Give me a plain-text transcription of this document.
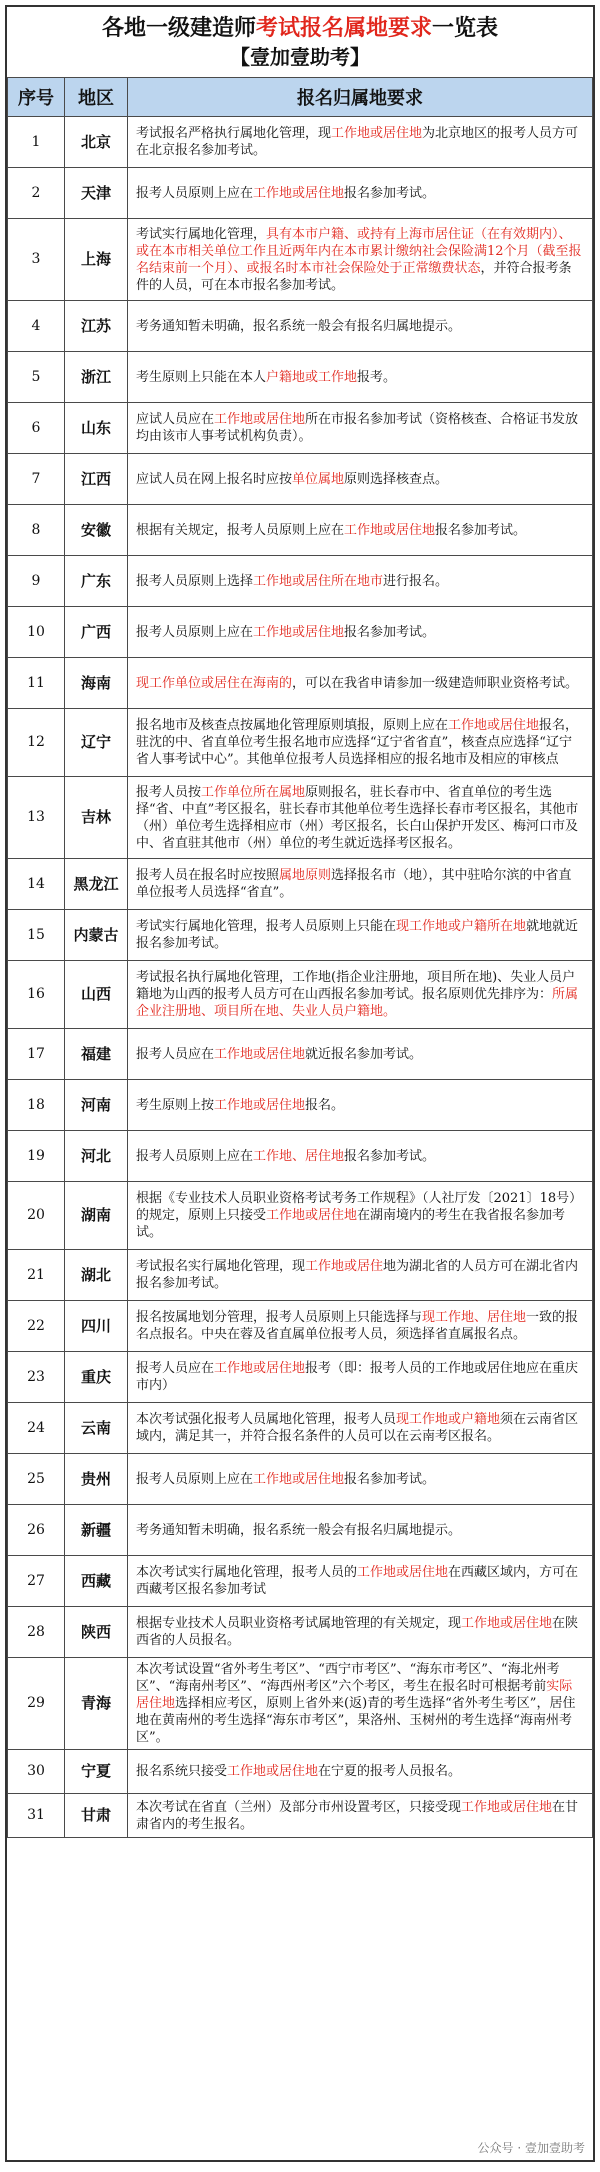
各地一级建造师考试报名属地要求一览表
【壹加壹助考】
序号	地区	报名归属地要求
1	北京	考试报名严格执行属地化管理，现工作地或居住地为北京地区的报考人员方可在北京报名参加考试。
2	天津	报考人员原则上应在工作地或居住地报名参加考试。
3	上海	考试实行属地化管理，具有本市户籍、或持有上海市居住证（在有效期内）、或在本市相关单位工作且近两年内在本市累计缴纳社会保险满12个月（截至报名结束前一个月）、或报名时本市社会保险处于正常缴费状态，并符合报考条件的人员，可在本市报名参加考试。
4	江苏	考务通知暂未明确，报名系统一般会有报名归属地提示。
5	浙江	考生原则上只能在本人户籍地或工作地报考。
6	山东	应试人员应在工作地或居住地所在市报名参加考试（资格核查、合格证书发放均由该市人事考试机构负责）。
7	江西	应试人员在网上报名时应按单位属地原则选择核查点。
8	安徽	根据有关规定，报考人员原则上应在工作地或居住地报名参加考试。
9	广东	报考人员原则上选择工作地或居住所在地市进行报名。
10	广西	报考人员原则上应在工作地或居住地报名参加考试。
11	海南	现工作单位或居住在海南的，可以在我省申请参加一级建造师职业资格考试。
12	辽宁	报名地市及核查点按属地化管理原则填报，原则上应在工作地或居住地报名，驻沈的中、省直单位考生报名地市应选择“辽宁省省直”，核查点应选择“辽宁省人事考试中心”。其他单位报考人员选择相应的报名地市及相应的审核点
13	吉林	报考人员按工作单位所在属地原则报名，驻长春市中、省直单位的考生选择“省、中直”考区报名，驻长春市其他单位考生选择长春市考区报名，其他市（州）单位考生选择相应市（州）考区报名，长白山保护开发区、梅河口市及中、省直驻其他市（州）单位的考生就近选择考区报名。
14	黑龙江	报考人员在报名时应按照属地原则选择报名市（地），其中驻哈尔滨的中省直单位报考人员选择“省直”。
15	内蒙古	考试实行属地化管理，报考人员原则上只能在现工作地或户籍所在地就地就近报名参加考试。
16	山西	考试报名执行属地化管理，工作地(指企业注册地，项目所在地)、失业人员户籍地为山西的报考人员方可在山西报名参加考试。报名原则优先排序为：所属企业注册地、项目所在地、失业人员户籍地。
17	福建	报考人员应在工作地或居住地就近报名参加考试。
18	河南	考生原则上按工作地或居住地报名。
19	河北	报考人员原则上应在工作地、居住地报名参加考试。
20	湖南	根据《专业技术人员职业资格考试考务工作规程》（人社厅发〔2021〕18号）的规定，原则上只接受工作地或居住地在湖南境内的考生在我省报名参加考试。
21	湖北	考试报名实行属地化管理，现工作地或居住地为湖北省的人员方可在湖北省内报名参加考试。
22	四川	报名按属地划分管理，报考人员原则上只能选择与现工作地、居住地一致的报名点报名。中央在蓉及省直属单位报考人员，须选择省直属报名点。
23	重庆	报考人员应在工作地或居住地报考（即：报考人员的工作地或居住地应在重庆市内）
24	云南	本次考试强化报考人员属地化管理，报考人员现工作地或户籍地须在云南省区域内，满足其一，并符合报名条件的人员可以在云南考区报名。
25	贵州	报考人员原则上应在工作地或居住地报名参加考试。
26	新疆	考务通知暂未明确，报名系统一般会有报名归属地提示。
27	西藏	本次考试实行属地化管理，报考人员的工作地或居住地在西藏区域内，方可在西藏考区报名参加考试
28	陕西	根据专业技术人员职业资格考试属地管理的有关规定，现工作地或居住地在陕西省的人员报名。
29	青海	本次考试设置“省外考生考区”、“西宁市考区”、“海东市考区”、“海北州考区”、“海南州考区”、“海西州考区”六个考区，考生在报名时可根据考前实际居住地选择相应考区，原则上省外来(返)青的考生选择“省外考生考区”，居住地在黄南州的考生选择“海东市考区”，果洛州、玉树州的考生选择“海南州考区”。
30	宁夏	报名系统只接受工作地或居住地在宁夏的报考人员报名。
31	甘肃	本次考试在省直（兰州）及部分市州设置考区，只接受现工作地或居住地在甘肃省内的考生报名。
公众号 · 壹加壹助考
